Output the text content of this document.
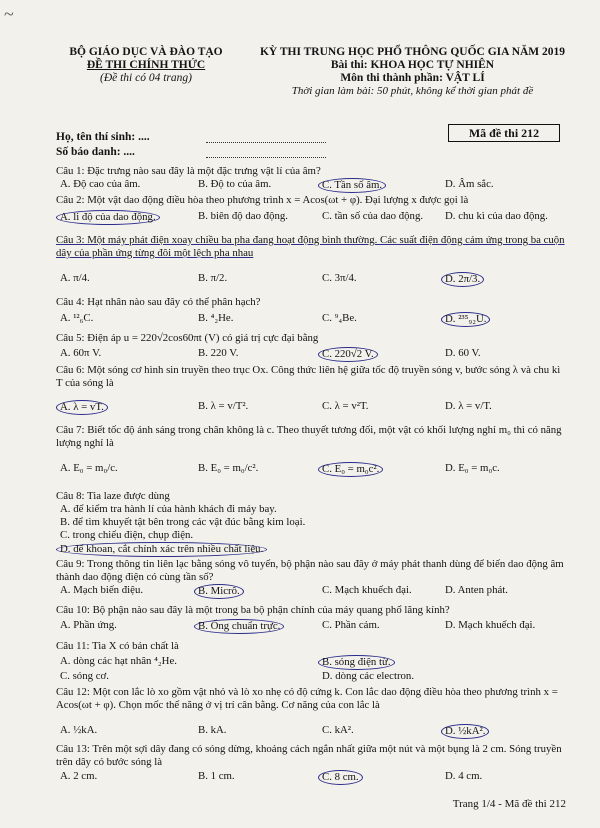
~
BỘ GIÁO DỤC VÀ ĐÀO TẠO
ĐỀ THI CHÍNH THỨC
(Đề thi có 04 trang)
KỲ THI TRUNG HỌC PHỔ THÔNG QUỐC GIA NĂM 2019
Bài thi: KHOA HỌC TỰ NHIÊN
Môn thi thành phần: VẬT LÍ
Thời gian làm bài: 50 phút, không kể thời gian phát đề
Họ, tên thí sinh: ....
Số báo danh: ....
Mã đề thi 212
Câu 1: Đặc trưng nào sau đây là một đặc trưng vật lí của âm?
A. Độ cao của âm.	B. Độ to của âm.	C. Tần số âm.	D. Âm sắc.
Câu 2: Một vật dao động điều hòa theo phương trình x = Acos(ωt + φ). Đại lượng x được gọi là
A. li độ của dao động.	B. biên độ dao động.	C. tần số của dao động. D. chu kì của dao động.
Câu 3: Một máy phát điện xoay chiều ba pha đang hoạt động bình thường. Các suất điện động cảm ứng trong ba cuộn dây của phần ứng từng đôi một lệch pha nhau
A. π/4.	B. π/2.	C. 3π/4.	D. 2π/3.
Câu 4: Hạt nhân nào sau đây có thể phân hạch?
A. ¹²₆C.	B. ⁴₂He.	C. ⁹₄Be.	D. ²³⁵₉₂U.
Câu 5: Điện áp u = 220√2cos60πt (V) có giá trị cực đại bằng
A. 60π V.	B. 220 V.	C. 220√2 V.	D. 60 V.
Câu 6: Một sóng cơ hình sin truyền theo trục Ox. Công thức liên hệ giữa tốc độ truyền sóng v, bước sóng λ và chu kì T của sóng là
A. λ = vT.	B. λ = v/T².	C. λ = v²T.	D. λ = v/T.
Câu 7: Biết tốc độ ánh sáng trong chân không là c. Theo thuyết tương đối, một vật có khối lượng nghỉ m₀ thì có năng lượng nghỉ là
A. E₀ = m₀/c.	B. E₀ = m₀/c².	C. E₀ = m₀c².	D. E₀ = m₀c.
Câu 8: Tia laze được dùng
A. để kiểm tra hành lí của hành khách đi máy bay.
B. để tìm khuyết tật bên trong các vật đúc bằng kim loại.
C. trong chiếu điện, chụp điện.
D. để khoan, cắt chính xác trên nhiều chất liệu.
Câu 9: Trong thông tin liên lạc bằng sóng vô tuyến, bộ phận nào sau đây ở máy phát thanh dùng để biến dao động âm thành dao động điện có cùng tần số?
A. Mạch biến điệu.	B. Micrô.	C. Mạch khuếch đại.	D. Anten phát.
Câu 10: Bộ phận nào sau đây là một trong ba bộ phận chính của máy quang phổ lăng kính?
A. Phần ứng.	B. Ống chuẩn trực.	C. Phần cảm.	D. Mạch khuếch đại.
Câu 11: Tia X có bản chất là
A. dòng các hạt nhân ⁴₂He.	B. sóng điện từ.
C. sóng cơ.	D. dòng các electron.
Câu 12: Một con lắc lò xo gồm vật nhỏ và lò xo nhẹ có độ cứng k. Con lắc dao động điều hòa theo phương trình x = Acos(ωt + φ). Chọn mốc thế năng ở vị trí cân bằng. Cơ năng của con lắc là
A. ½kA.	B. kA.	C. kA².	D. ½kA².
Câu 13: Trên một sợi dây đang có sóng dừng, khoảng cách ngắn nhất giữa một nút và một bụng là 2 cm. Sóng truyền trên dây có bước sóng là
A. 2 cm.	B. 1 cm.	C. 8 cm.	D. 4 cm.
Trang 1/4 - Mã đề thi 212
